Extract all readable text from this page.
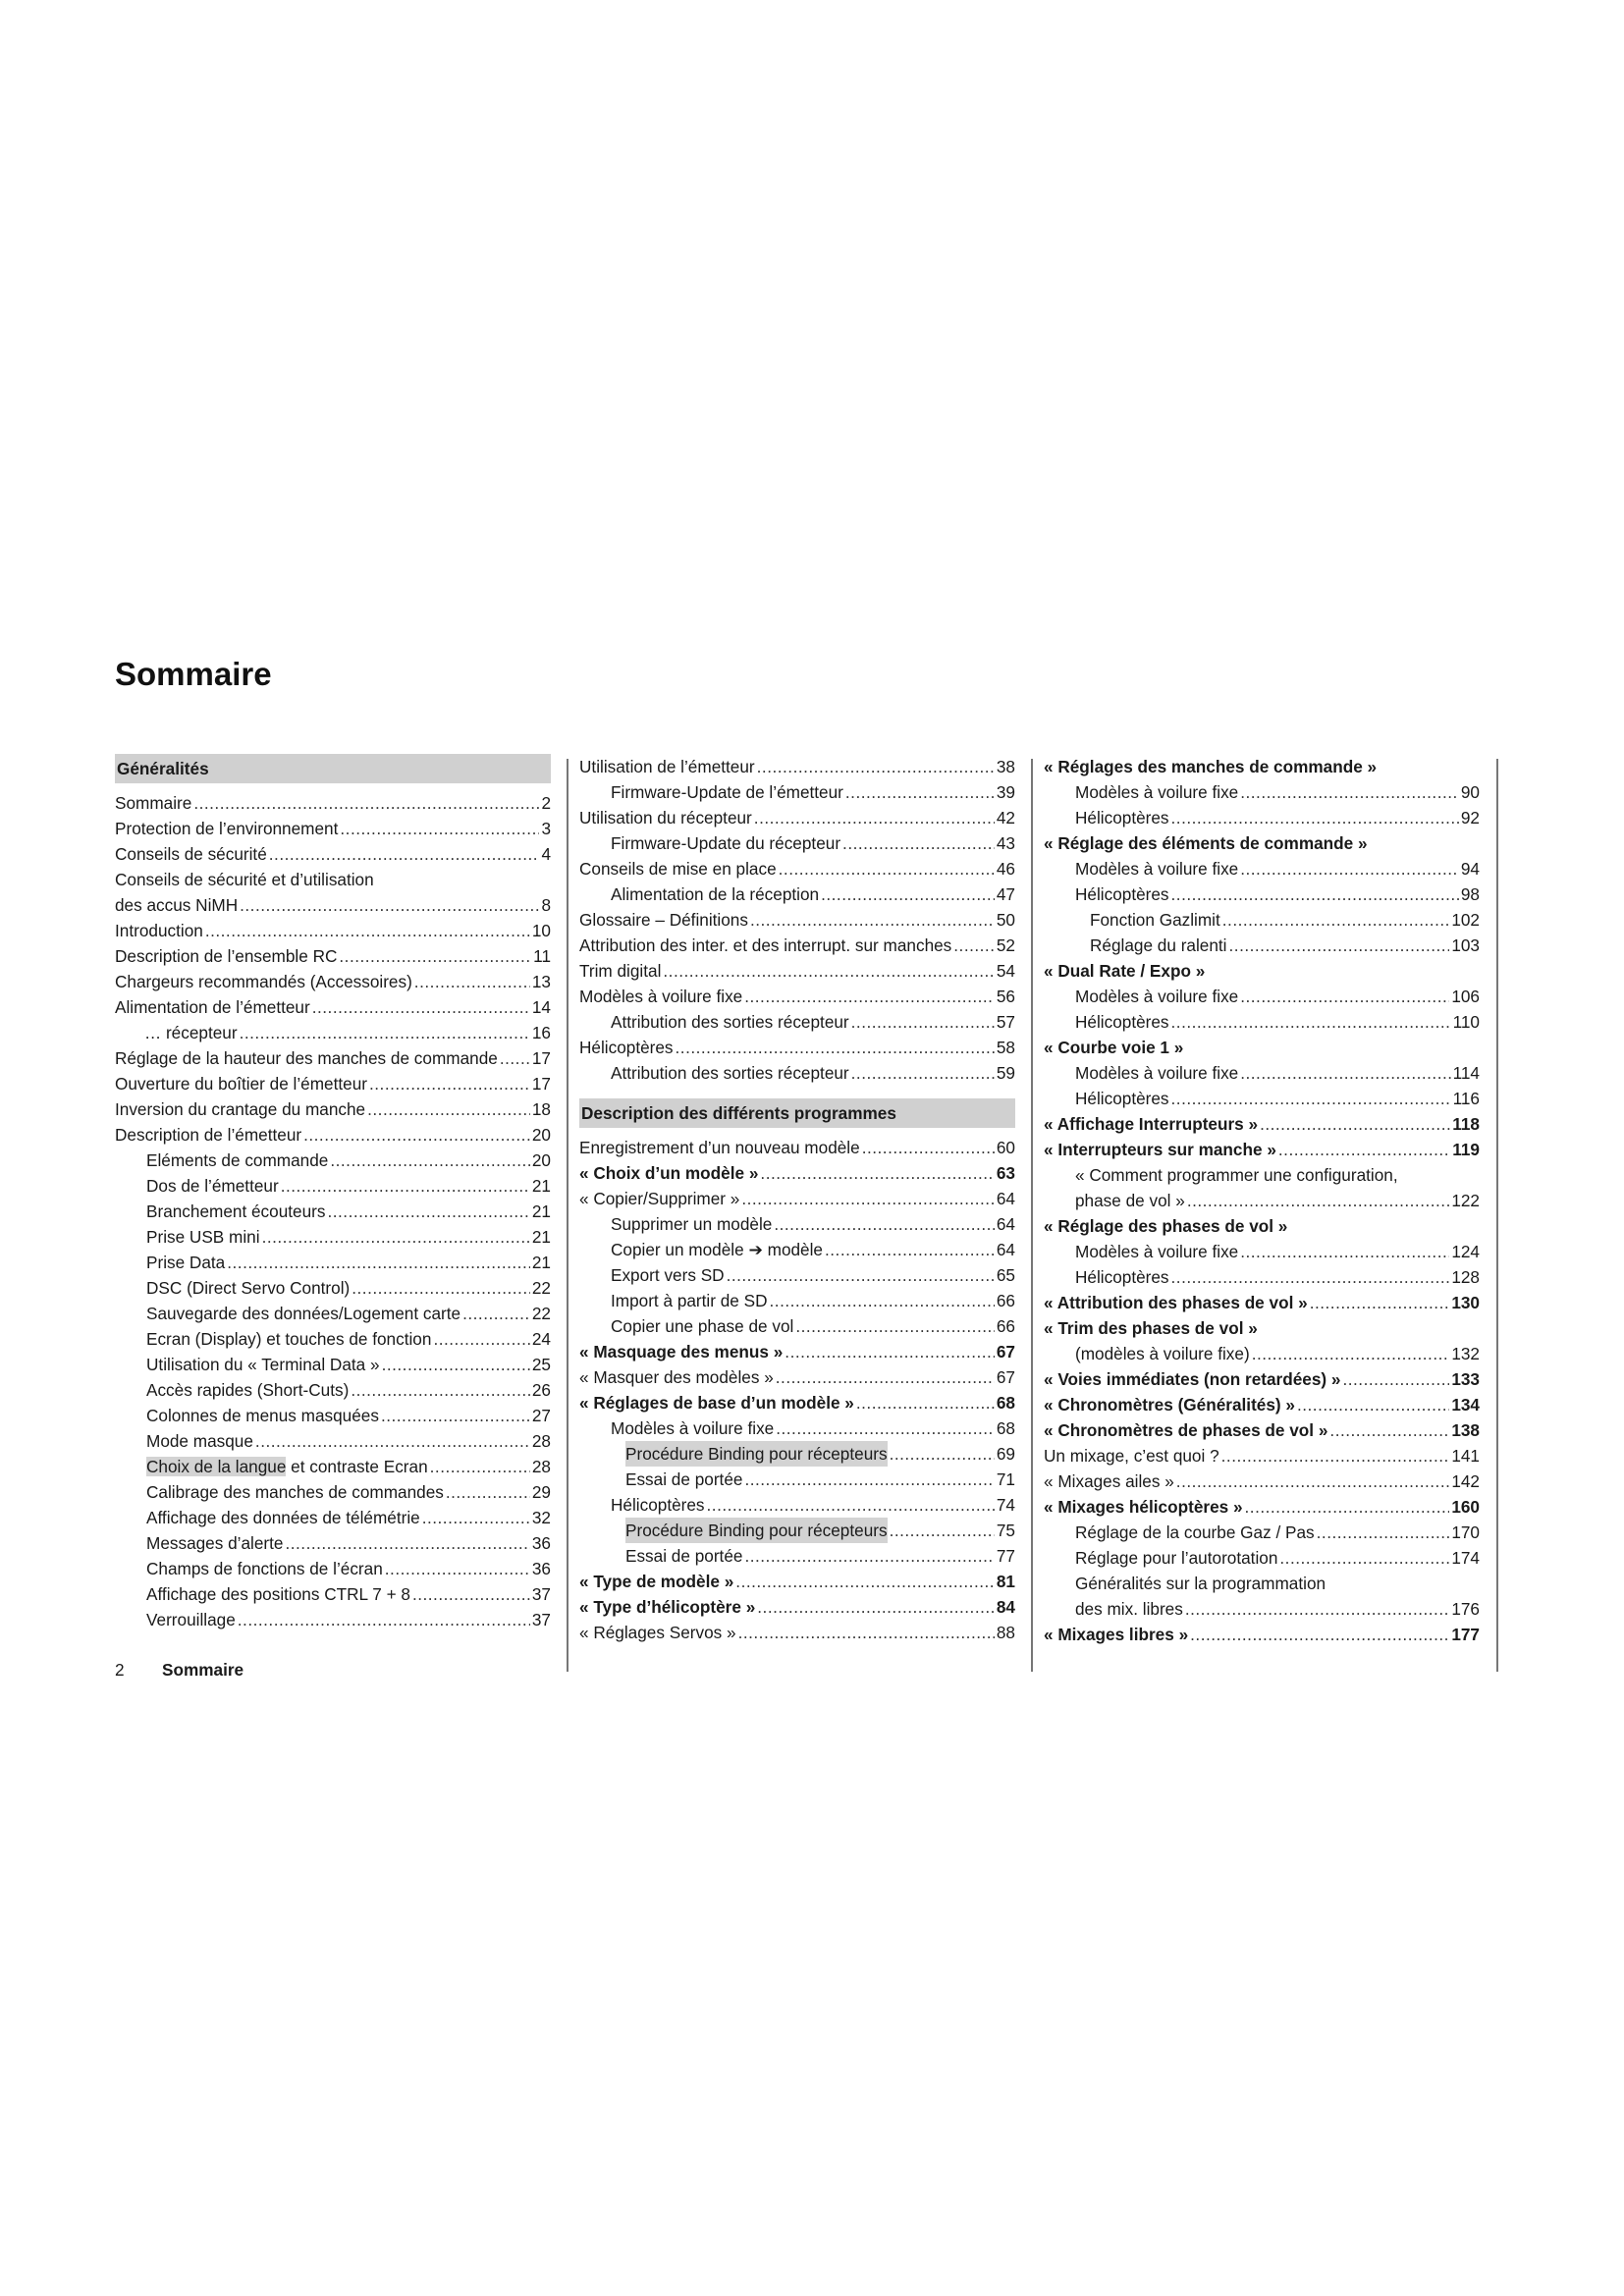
Sommaire
Généralités
Sommaire .....	2
Protection de l’environnement .....	3
Conseils de sécurité .....	4
Conseils de sécurité et d’utilisation
des accus NiMH .....	8
Introduction .....	10
Description de l’ensemble RC .....	11
Chargeurs recommandés (Accessoires) .....	13
Alimentation de l’émetteur .....	14
… récepteur .....	16
Réglage de la hauteur des manches de commande ..... 17
Ouverture du boîtier de l’émetteur .....	17
Inversion du crantage du manche .....	18
Description de l’émetteur .....	20
Eléments de commande .....	20
Dos de l’émetteur .....	21
Branchement écouteurs .....	21
Prise USB mini .....	21
Prise Data .....	21
DSC (Direct Servo Control) .....	22
Sauvegarde des données/Logement carte .....	22
Ecran (Display) et touches de fonction .....	24
Utilisation du « Terminal Data » .....	25
Accès rapides (Short-Cuts) .....	26
Colonnes de menus masquées .....	27
Mode masque .....	28
Choix de la langue et contraste Ecran .....	28
Calibrage des manches de commandes .....	29
Affichage des données de télémétrie .....	32
Messages d’alerte .....	36
Champs de fonctions de l’écran .....	36
Affichage des positions CTRL 7 + 8 .....	37
Verrouillage .....	37
Utilisation de l’émetteur .....	38
Firmware-Update de l’émetteur .....	39
Utilisation du récepteur .....	42
Firmware-Update du récepteur .....	43
Conseils de mise en place .....	46
Alimentation de la réception .....	47
Glossaire – Définitions .....	50
Attribution des inter. et des interrupt. sur manches .....	52
Trim digital .....	54
Modèles à voilure fixe .....	56
Attribution des sorties récepteur .....	57
Hélicoptères .....	58
Attribution des sorties récepteur .....	59
Description des différents programmes
Enregistrement d’un nouveau modèle .....	60
« Choix d’un modèle » .....	63
« Copier/Supprimer » .....	64
Supprimer un modèle .....	64
Copier un modèle ➔ modèle .....	64
Export vers SD .....	65
Import à partir de SD .....	66
Copier une phase de vol .....	66
« Masquage des menus » .....	67
« Masquer des modèles » .....	67
« Réglages de base d’un modèle » .....	68
Modèles à voilure fixe .....	68
Procédure Binding pour récepteurs .....	69
Essai de portée .....	71
Hélicoptères .....	74
Procédure Binding pour récepteurs .....	75
Essai de portée .....	77
« Type de modèle » .....	81
« Type d’hélicoptère » .....	84
« Réglages Servos » .....	88
« Réglages des manches de commande »
Modèles à voilure fixe .....	90
Hélicoptères .....	92
« Réglage des éléments de commande »
Modèles à voilure fixe .....	94
Hélicoptères .....	98
Fonction Gazlimit .....	102
Réglage du ralenti .....	103
« Dual Rate / Expo »
Modèles à voilure fixe .....	106
Hélicoptères .....	110
« Courbe voie 1 »
Modèles à voilure fixe .....	114
Hélicoptères .....	116
« Affichage Interrupteurs » .....	118
« Interrupteurs sur manche » .....	119
« Comment programmer une configuration,
phase de vol » .....	122
« Réglage des phases de vol »
Modèles à voilure fixe .....	124
Hélicoptères .....	128
« Attribution des phases de vol » .....	130
« Trim des phases de vol »
(modèles à voilure fixe) .....	132
« Voies immédiates (non retardées) » .....	133
« Chronomètres (Généralités) » .....	134
« Chronomètres de phases de vol » .....	138
Un mixage, c’est quoi ? .....	141
« Mixages ailes » .....	142
« Mixages hélicoptères » .....	160
Réglage de la courbe Gaz / Pas .....	170
Réglage pour l’autorotation .....	174
Généralités sur la programmation
des mix. libres .....	176
« Mixages libres » .....	177
2 Sommaire
